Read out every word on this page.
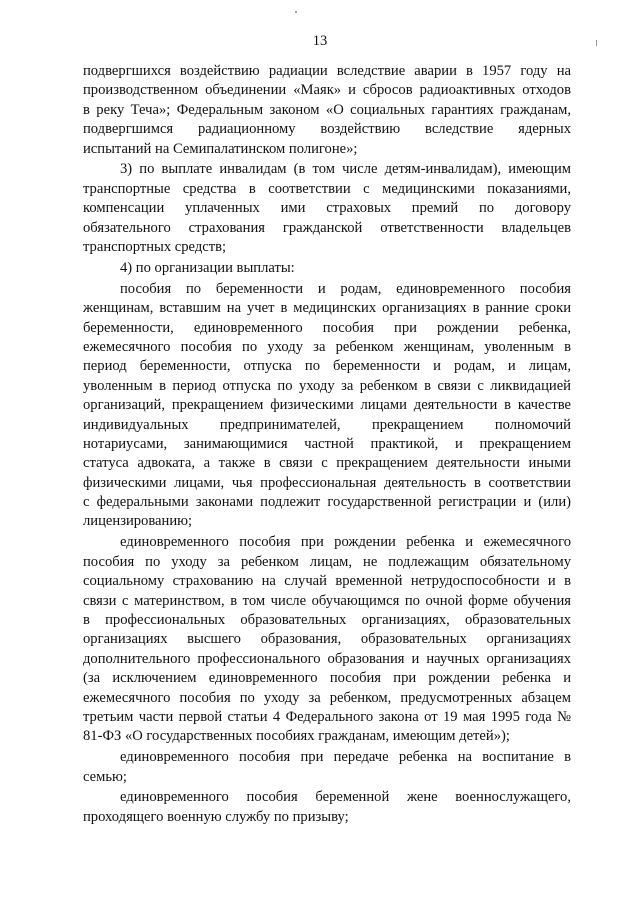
13
подвергшихся воздействию радиации вследствие аварии в 1957 году на
производственном объединении «Маяк» и сбросов радиоактивных отходов
в реку Теча»; Федеральным законом «О социальных гарантиях гражданам,
подвергшимся радиационному воздействию вследствие ядерных
испытаний на Семипалатинском полигоне»;
3) по выплате инвалидам (в том числе детям-инвалидам), имеющим
транспортные средства в соответствии с медицинскими показаниями,
компенсации уплаченных ими страховых премий по договору
обязательного страхования гражданской ответственности владельцев
транспортных средств;
4) по организации выплаты:
пособия по беременности и родам, единовременного пособия
женщинам, вставшим на учет в медицинских организациях в ранние сроки
беременности, единовременного пособия при рождении ребенка,
ежемесячного пособия по уходу за ребенком женщинам, уволенным в
период беременности, отпуска по беременности и родам, и лицам,
уволенным в период отпуска по уходу за ребенком в связи с ликвидацией
организаций, прекращением физическими лицами деятельности в качестве
индивидуальных предпринимателей, прекращением полномочий
нотариусами, занимающимися частной практикой, и прекращением
статуса адвоката, а также в связи с прекращением деятельности иными
физическими лицами, чья профессиональная деятельность в соответствии
с федеральными законами подлежит государственной регистрации и (или)
лицензированию;
единовременного пособия при рождении ребенка и ежемесячного
пособия по уходу за ребенком лицам, не подлежащим обязательному
социальному страхованию на случай временной нетрудоспособности и в
связи с материнством, в том числе обучающимся по очной форме обучения
в профессиональных образовательных организациях, образовательных
организациях высшего образования, образовательных организациях
дополнительного профессионального образования и научных организациях
(за исключением единовременного пособия при рождении ребенка и
ежемесячного пособия по уходу за ребенком, предусмотренных абзацем
третьим части первой статьи 4 Федерального закона от 19 мая 1995 года №
81-ФЗ «О государственных пособиях гражданам, имеющим детей»);
единовременного пособия при передаче ребенка на воспитание в
семью;
единовременного пособия беременной жене военнослужащего,
проходящего военную службу по призыву;
